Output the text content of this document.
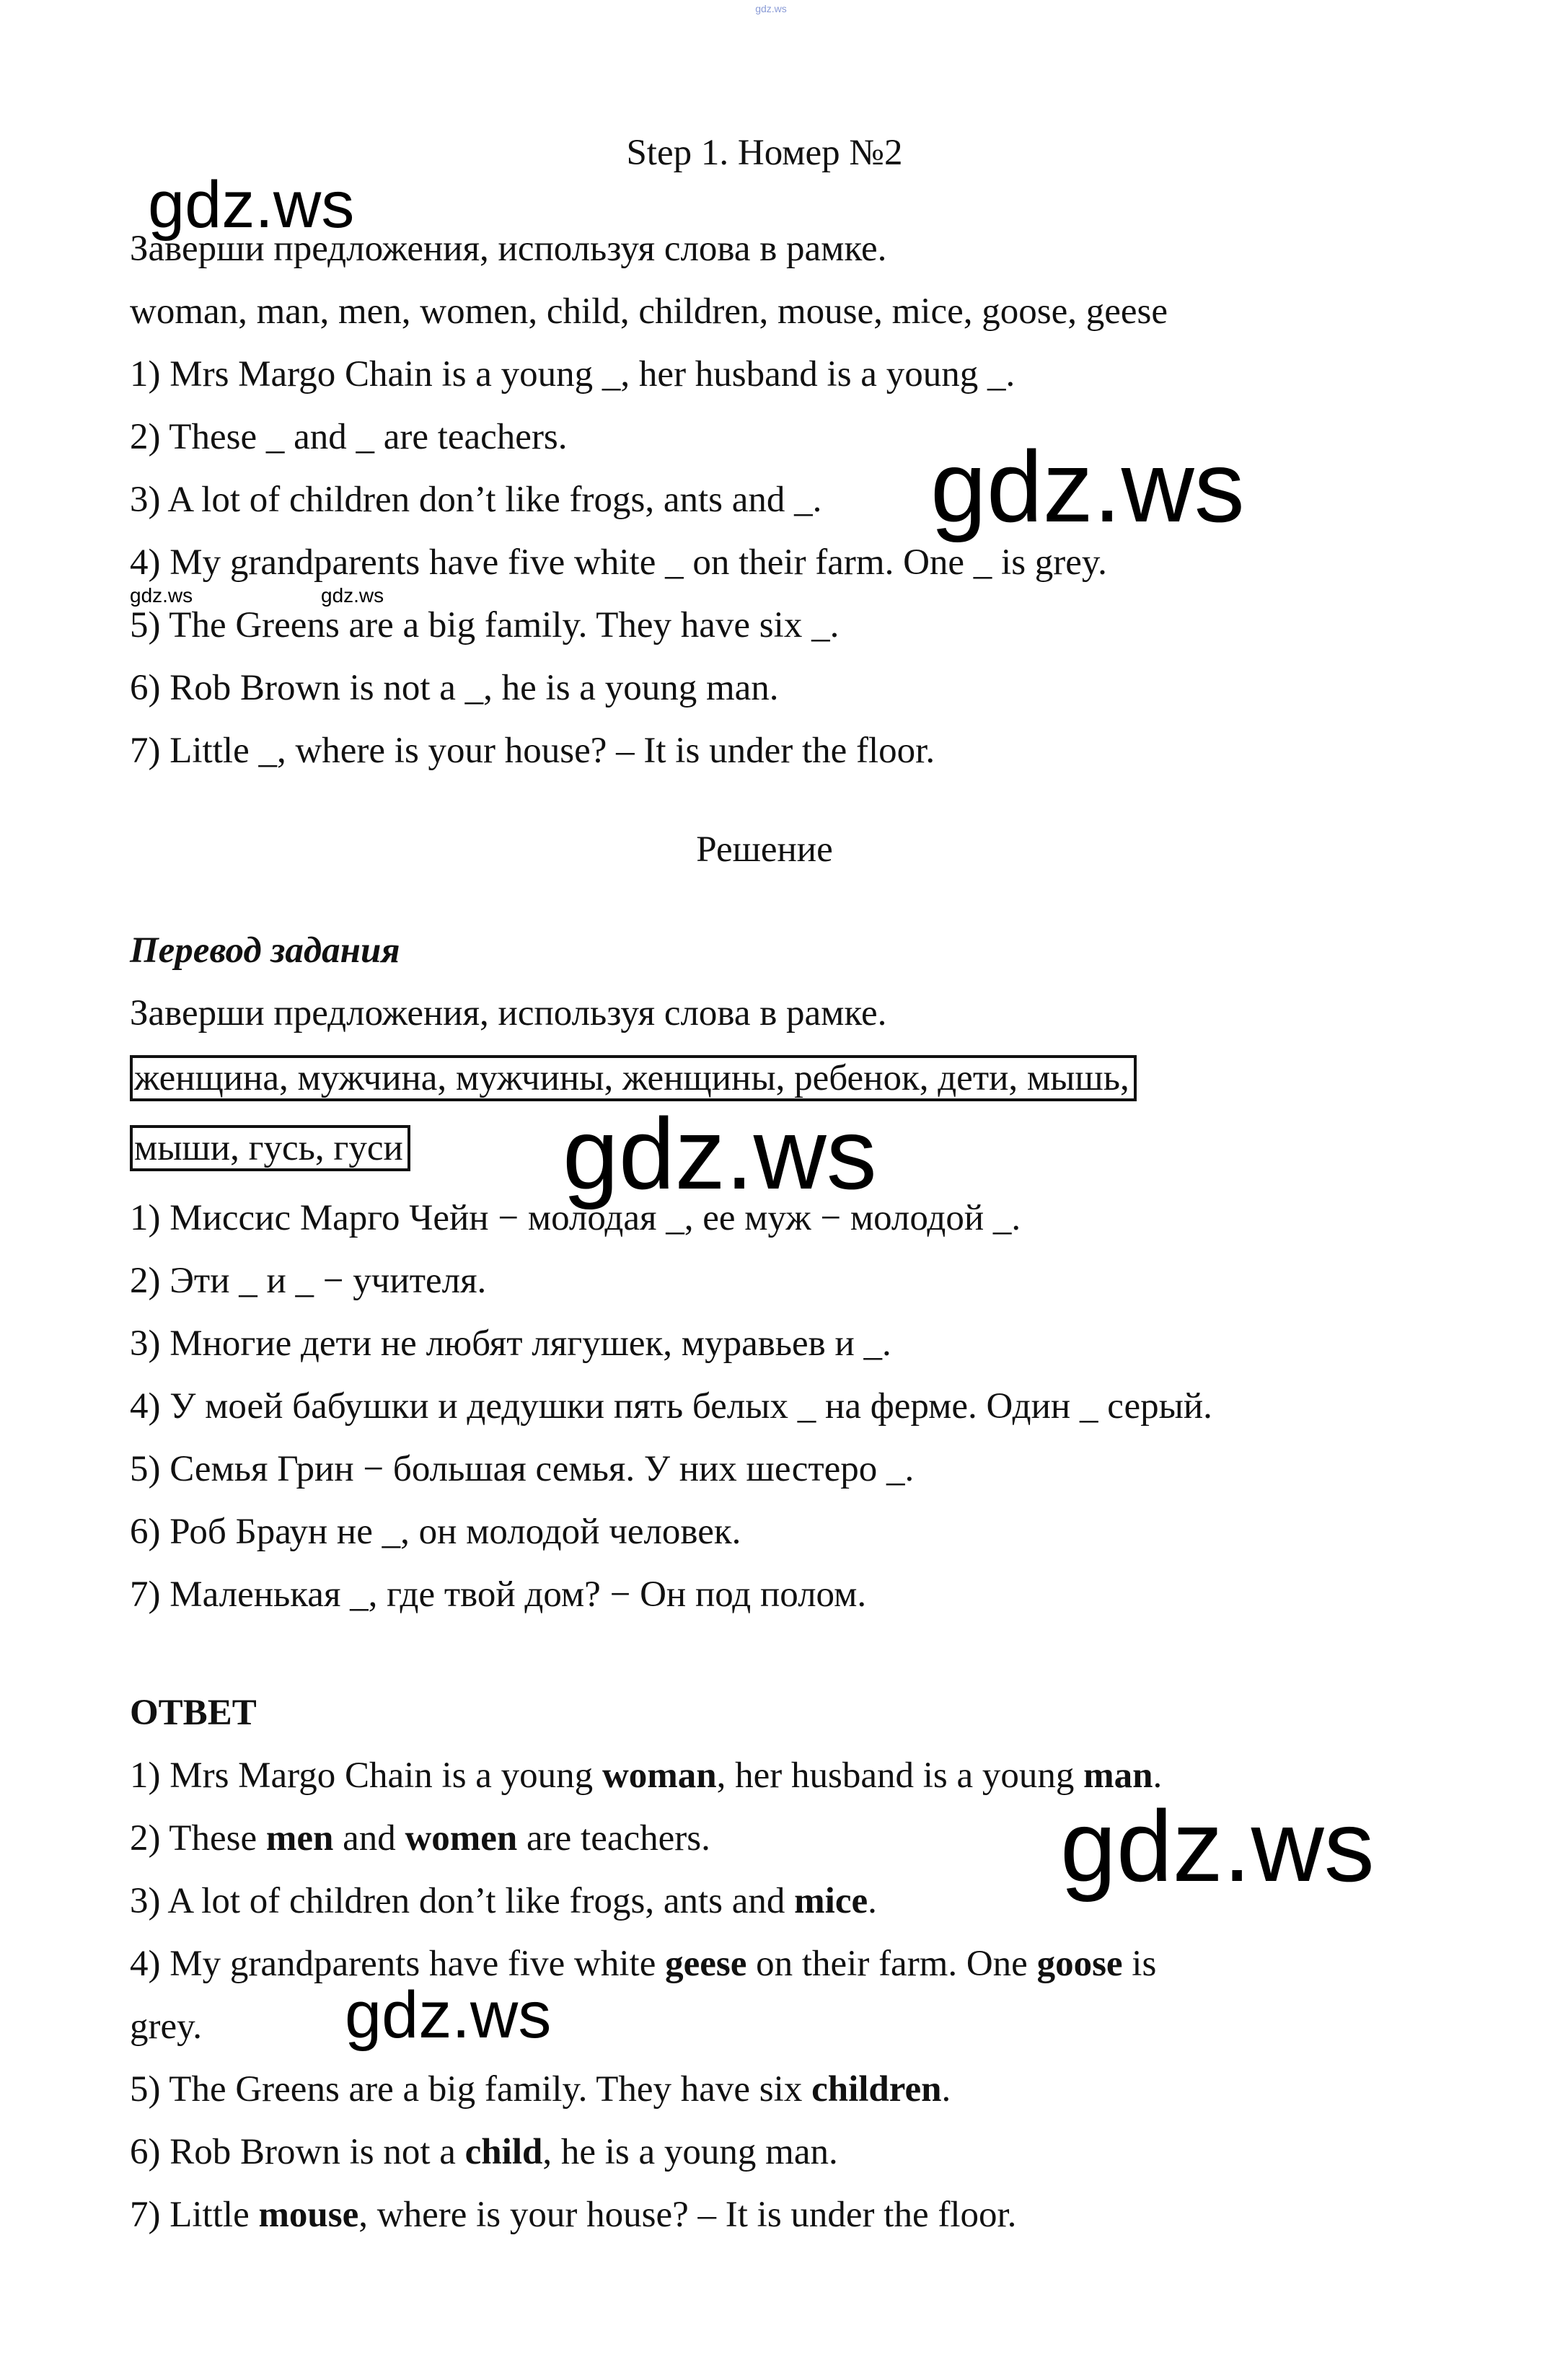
gdz.ws
Step 1. Номер №2
Заверши предложения, используя слова в рамке.
woman, man, men, women, child, children, mouse, mice, goose, geese
1) Mrs Margo Chain is a young _, her husband is a young _.
2) These _ and _ are teachers.
3) A lot of children don’t like frogs, ants and _.
4) My grandparents have five white _ on their farm. One _ is grey.
5) The Greens are a big family. They have six _.
6) Rob Brown is not a _, he is a young man.
7) Little _, where is your house? – It is under the floor.
Решение
Перевод задания
Заверши предложения, используя слова в рамке.
женщина, мужчина, мужчины, женщины, ребенок, дети, мышь,
мыши, гусь, гуси
1) Миссис Марго Чейн − молодая _, ее муж − молодой _.
2) Эти _ и _ − учителя.
3) Многие дети не любят лягушек, муравьев и _.
4) У моей бабушки и дедушки пять белых _ на ферме. Один _ серый.
5) Семья Грин − большая семья. У них шестеро _.
6) Роб Браун не _, он молодой человек.
7) Маленькая _, где твой дом? − Он под полом.
ОТВЕТ
1) Mrs Margo Chain is a young woman, her husband is a young man.
2) These men and women are teachers.
3) A lot of children don’t like frogs, ants and mice.
4) My grandparents have five white geese on their farm. One goose is
grey.
5) The Greens are a big family. They have six children.
6) Rob Brown is not a child, he is a young man.
7) Little mouse, where is your house? – It is under the floor.
gdz.ws
gdz.ws
gdz.ws	gdz.ws
gdz.ws
gdz.ws
gdz.ws
